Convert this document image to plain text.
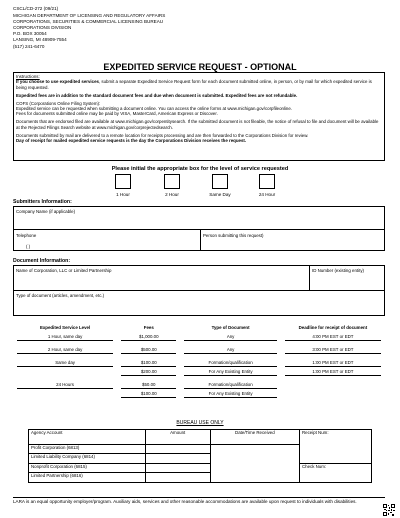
CSCL/CD-272 (09/21)
MICHIGAN DEPARTMENT OF LICENSING AND REGULATORY AFFAIRS
CORPORATIONS, SECURITIES & COMMERCIAL LICENSING BUREAU
CORPORATIONS DIVISION
P.O. BOX 30054
LANSING, MI 48909-7554
(517) 241-6470
EXPEDITED SERVICE REQUEST - OPTIONAL

Instructions:
If you choose to use expedited services, submit a separate Expedited Service Request form for each document submitted online, in person, or by mail for which expedited service is being requested.

Expedited fees are in addition to the standard document fees and due when document is submitted. Expedited fees are not refundable.

COFS (Corporations Online Filing System):
Expedited service can be requested when submitting a document online. You can access the online forms at www.michigan.gov/corpfileonline.
Fees for documents submitted online may be paid by VISA, MasterCard, American Express or Discover.

Documents that are endorsed filed are available at www.michigan.gov/corpentitysearch. If the submitted document is not fileable, the notice of refusal to file and document will be available at the Rejected Filings Search website at www.michigan.gov/corprejectedsearch.

Documents submitted by mail are delivered to a remote location for receipts processing and are then forwarded to the Corporations Division for review.
Day of receipt for mailed expedited service requests is the day the Corporations Division receives the request.

Please initial the appropriate box for the level of service requested
1 Hour	2 Hour	Same Day	24 Hour
Submitters Information:
Company Name (if applicable)
Telephone
( )
Person submitting this request)
Document Information:
Name of Corporation, LLC or Limited Partnership	ID Number (existing entity)
Type of document (articles, amendment, etc.)
Expedited Service Level	Fees	Type of Document	Deadline for receipt of document

1 Hour, same day	$1,000.00	Any	4:00 PM EST or EDT

2 Hour, same day	$500.00	Any	3:00 PM EST or EDT

Same day	$100.00	Formation/qualification	1:00 PM EST or EDT

	$200.00	For Any Existing Entity	1:00 PM EST or EDT

24 Hours	$50.00	Formation/qualification	

	$100.00	For Any Existing Entity	

BUREAU USE ONLY
Agency Account	Amount	Date/Time Received	Receipt Num:
Profit Corporation (6813)			
Limited Liability Company (6814)			
Nonprofit Corporation (6815)			Check Num:
Limited Partnership (6816)			
LARA is an equal opportunity employer/program. Auxiliary aids, services and other reasonable accommodations are available upon request to individuals with disabilities.
